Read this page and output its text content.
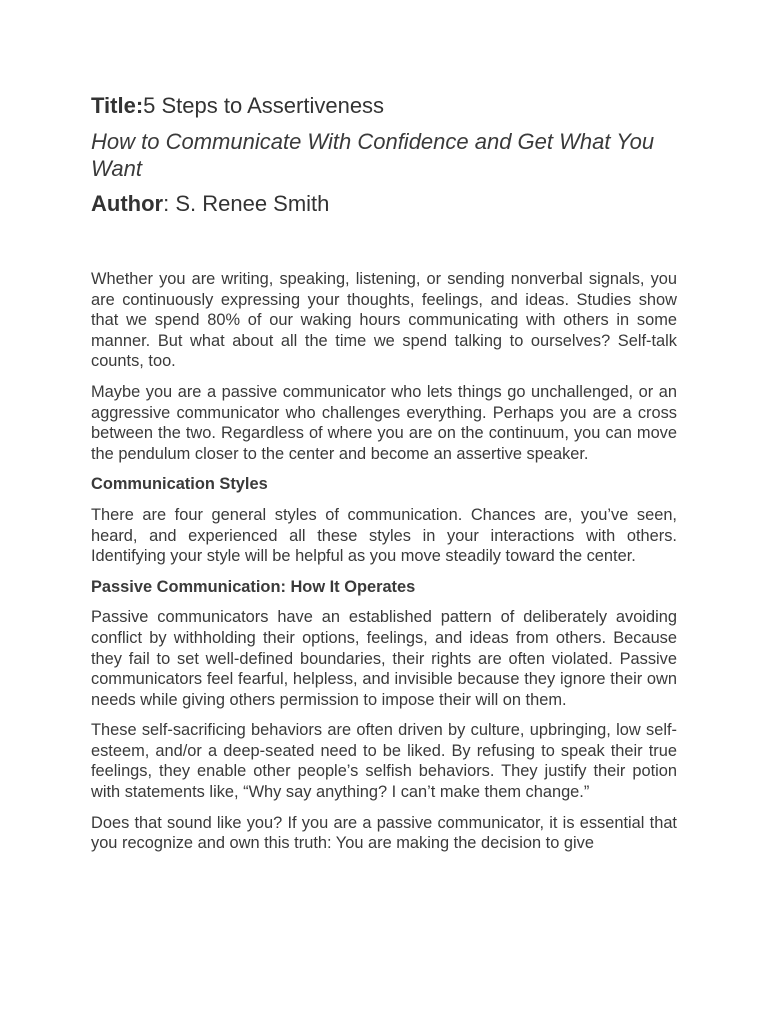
Title:5 Steps to Assertiveness
How to Communicate With Confidence and Get What You Want
Author: S. Renee Smith

Whether you are writing, speaking, listening, or sending nonverbal signals, you are continuously expressing your thoughts, feelings, and ideas. Studies show that we spend 80% of our waking hours communicating with others in some manner. But what about all the time we spend talking to ourselves? Self-talk counts, too.

Maybe you are a passive communicator who lets things go unchallenged, or an aggressive communicator who challenges everything. Perhaps you are a cross between the two. Regardless of where you are on the continuum, you can move the pendulum closer to the center and become an assertive speaker.

Communication Styles

There are four general styles of communication. Chances are, you’ve seen, heard, and experienced all these styles in your interactions with others. Identifying your style will be helpful as you move steadily toward the center.

Passive Communication: How It Operates

Passive communicators have an established pattern of deliberately avoiding conflict by withholding their options, feelings, and ideas from others. Because they fail to set well-defined boundaries, their rights are often violated. Passive communicators feel fearful, helpless, and invisible because they ignore their own needs while giving others permission to impose their will on them.

These self-sacrificing behaviors are often driven by culture, upbringing, low self-esteem, and/or a deep-seated need to be liked. By refusing to speak their true feelings, they enable other people’s selfish behaviors. They justify their potion with statements like, “Why say anything? I can’t make them change.”

Does that sound like you? If you are a passive communicator, it is essential that you recognize and own this truth: You are making the decision to give
